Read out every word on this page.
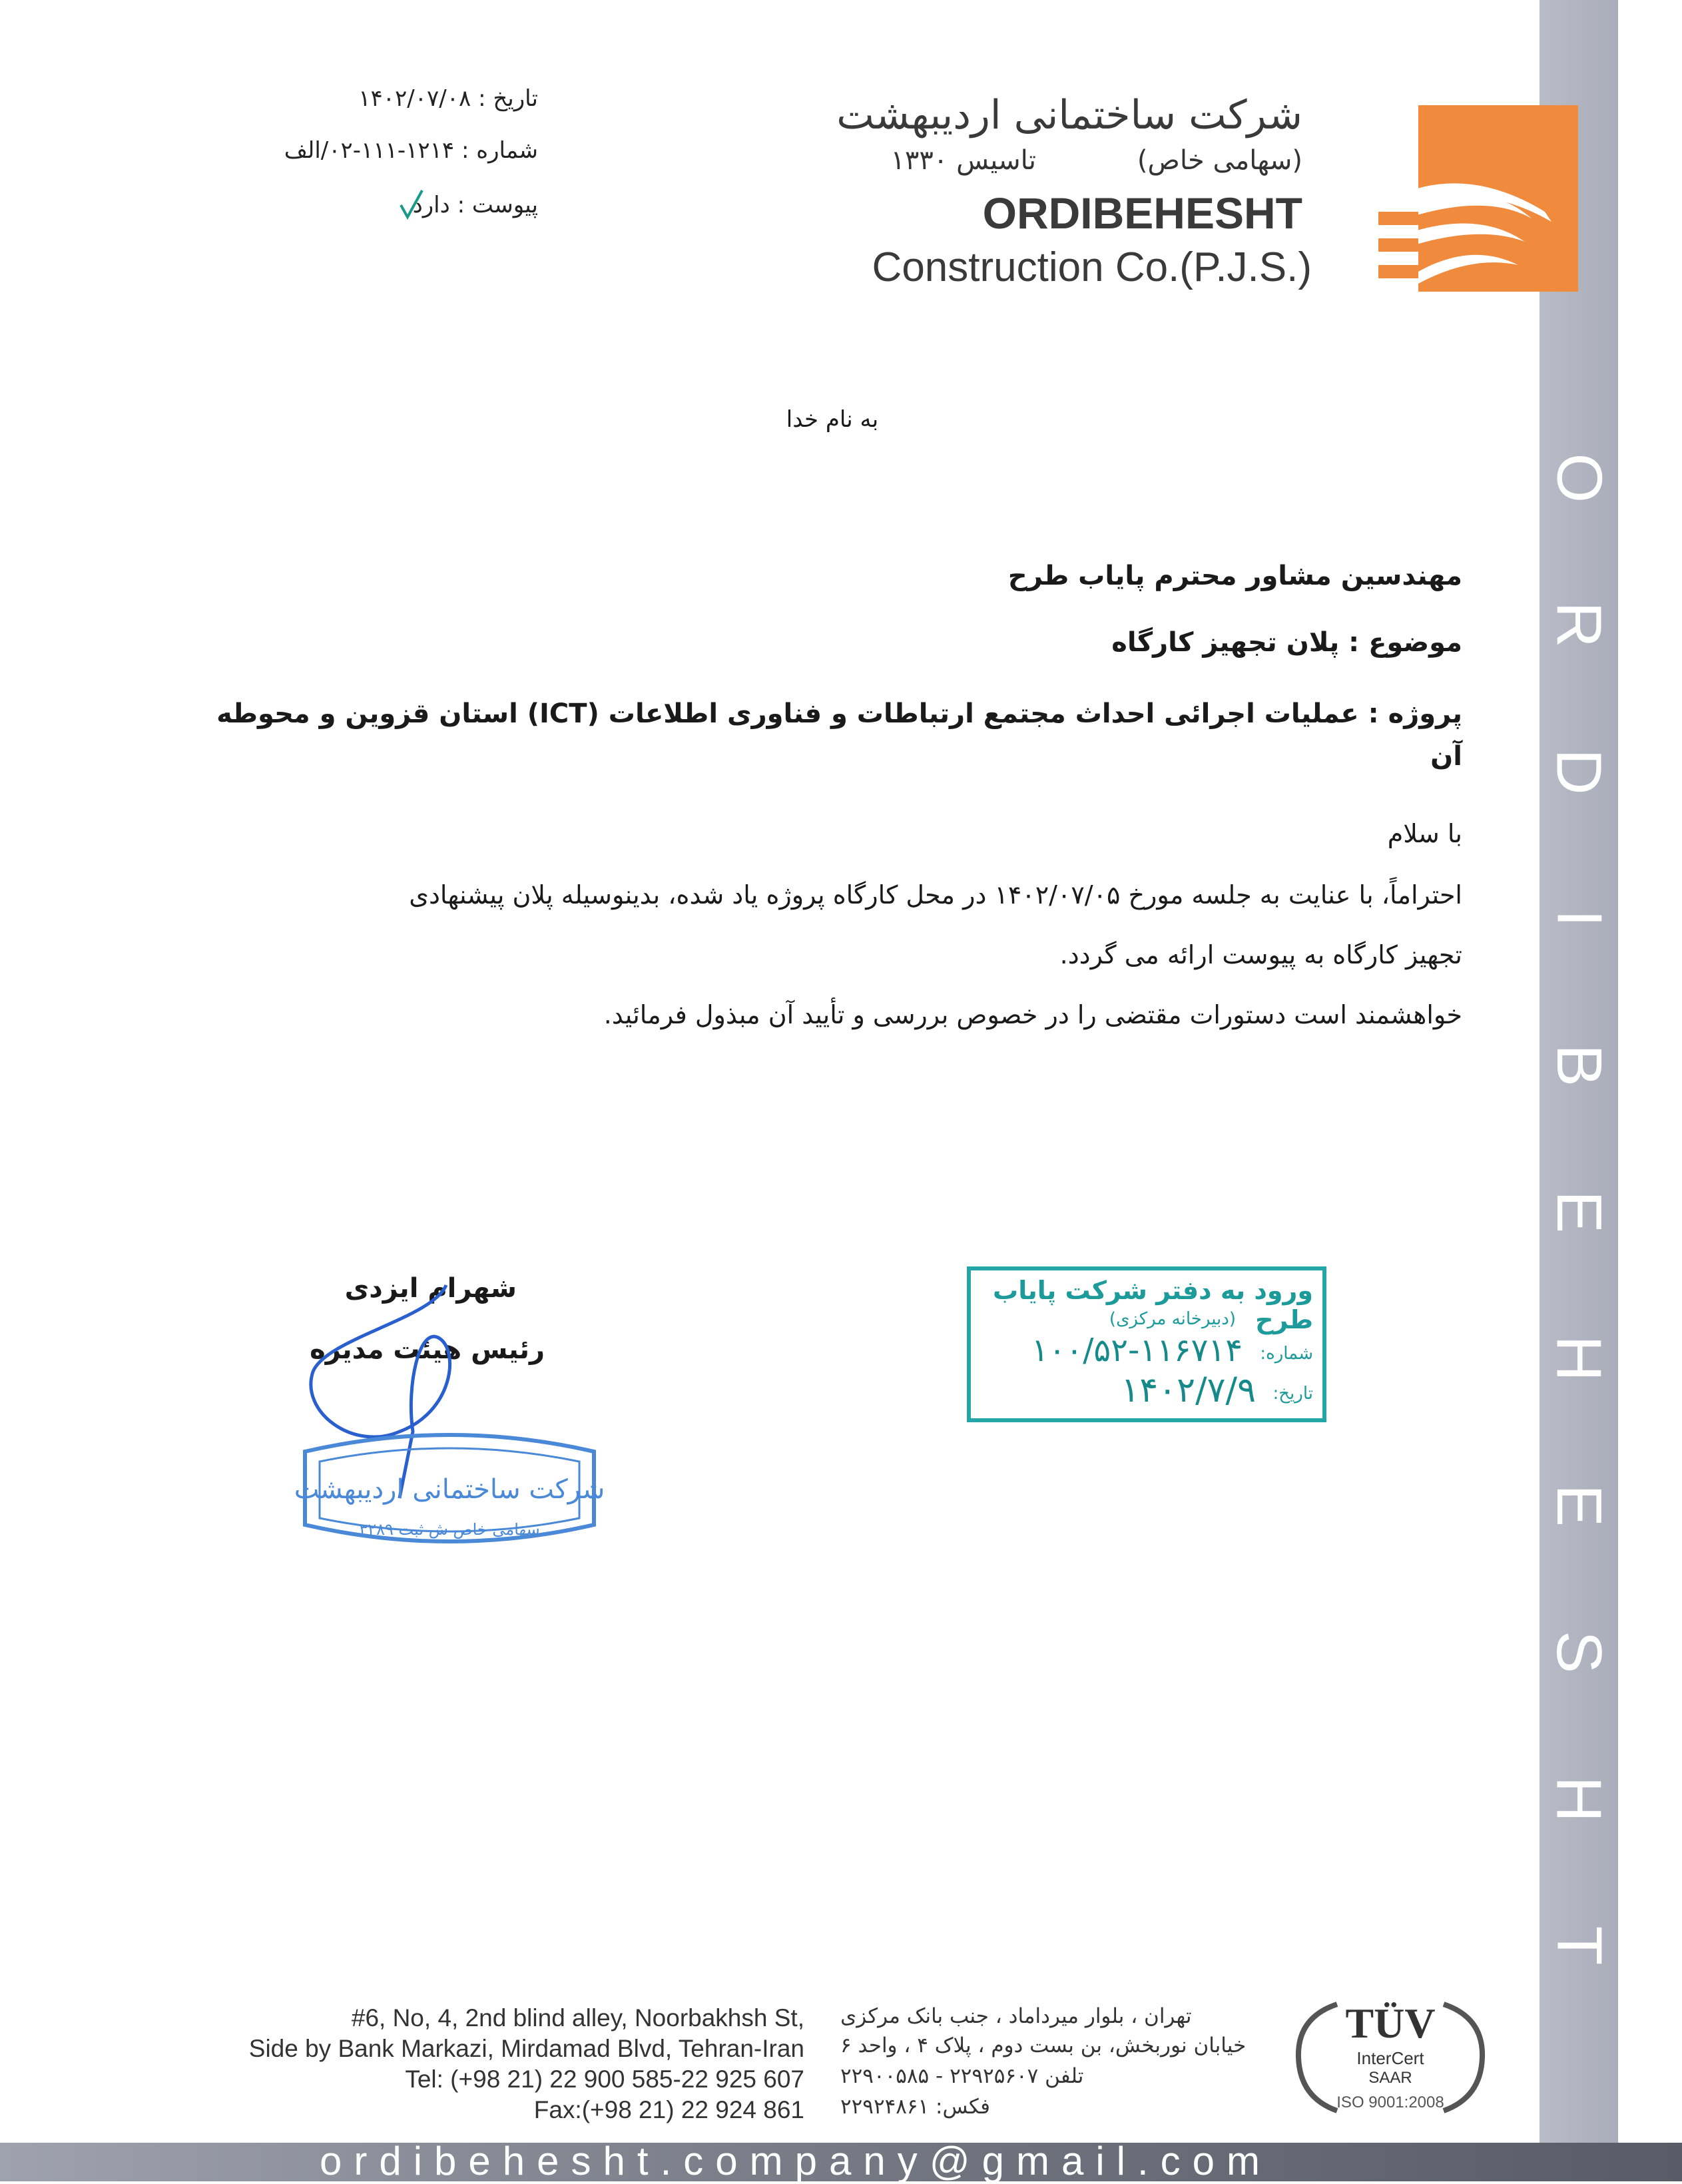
O
R
D
I
B
E
H
E
S
H
T
تاریخ : ۱۴۰۲/۰۷/۰۸
شماره : ۱۲۱۴-۱۱۱-۰۲/الف
پیوست : دارد
شرکت ساختمانی اردیبهشت
(سهامی خاص)
تاسیس ۱۳۳۰
ORDIBEHESHT
Construction Co.(P.J.S.)
به نام خدا
مهندسین مشاور محترم پایاب طرح
موضوع : پلان تجهیز کارگاه
پروژه : عملیات اجرائی احداث مجتمع ارتباطات و فناوری اطلاعات (ICT) استان قزوین و محوطه آن
با سلام
احتراماً، با عنایت به جلسه مورخ ۱۴۰۲/۰۷/۰۵ در محل کارگاه پروژه یاد شده، بدینوسیله پلان پیشنهادی
تجهیز کارگاه به پیوست ارائه می گردد.
خواهشمند است دستورات مقتضی را در خصوص بررسی و تأیید آن مبذول فرمائید.
شهرام ایزدی
رئیس هیئت مدیره
شرکت ساختمانی اردیبهشت
سهامی خاص ش ثبت ۳۲۸۹
ورود به دفتر شرکت پایاب طرح
(دبیرخانه مرکزی)
شماره:
۱۰۰/۵۲-۱۱۶۷۱۴
تاریخ:
۱۴۰۲/۷/۹
#6, No, 4, 2nd blind alley, Noorbakhsh St,
Side by Bank Markazi, Mirdamad Blvd, Tehran-Iran
Tel: (+98 21) 22 900 585-22 925 607
Fax:(+98 21) 22 924 861
تهران ، بلوار میرداماد ، جنب بانک مرکزی
خیابان نوربخش، بن بست دوم ، پلاک ۴ ، واحد ۶
تلفن ۲۲۹۲۵۶۰۷ - ۲۲۹۰۰۵۸۵
فکس: ۲۲۹۲۴۸۶۱
TÜV
InterCert
SAAR
ISO 9001:2008
ordibehesht.company@gmail.com
